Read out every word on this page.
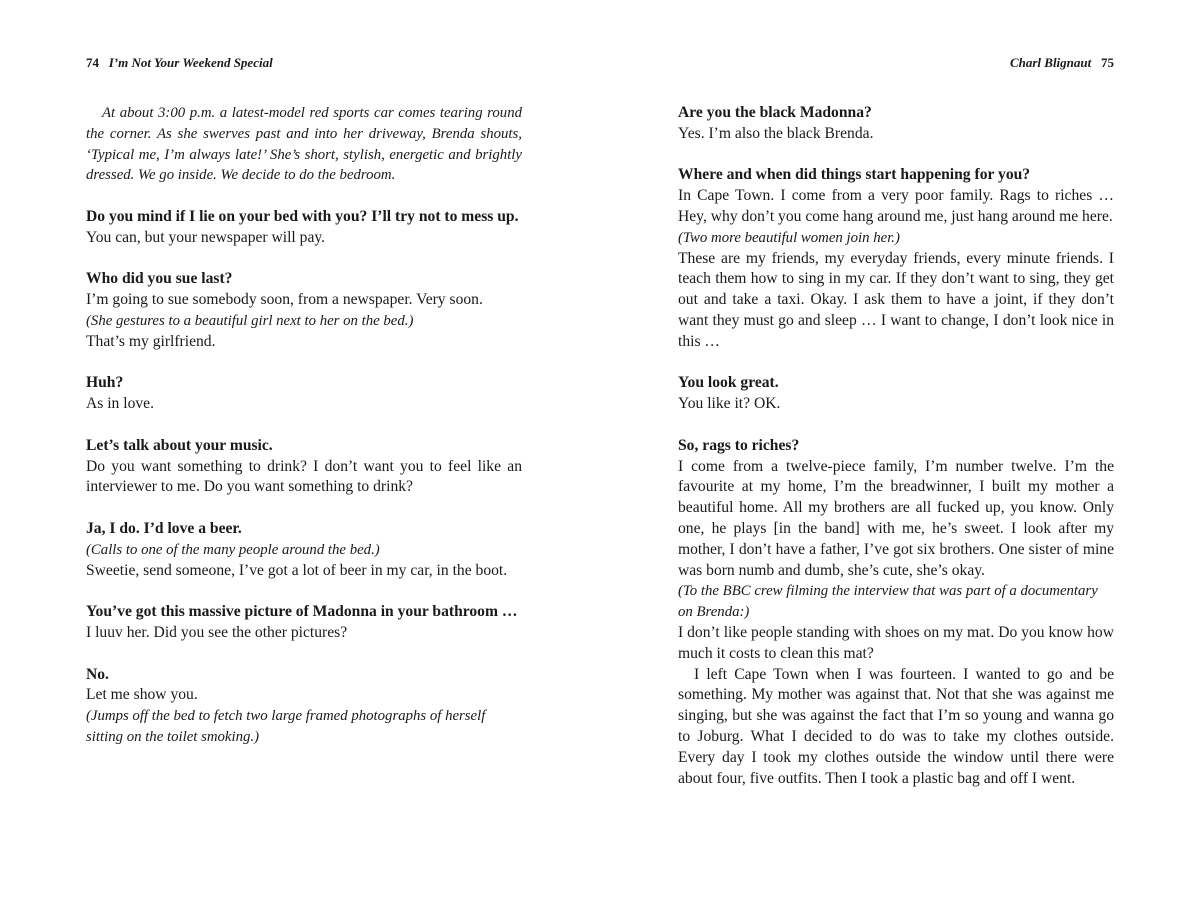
74 I’m Not Your Weekend Special

At about 3:00 p.m. a latest-model red sports car comes tearing round the corner. As she swerves past and into her driveway, Brenda shouts, ‘Typical me, I’m always late!’ She’s short, stylish, energetic and brightly dressed. We go inside. We decide to do the bedroom.

Do you mind if I lie on your bed with you? I’ll try not to mess up.

You can, but your newspaper will pay.

Who did you sue last?

I’m going to sue somebody soon, from a newspaper. Very soon.

(She gestures to a beautiful girl next to her on the bed.)

That’s my girlfriend.

Huh?

As in love.

Let’s talk about your music.

Do you want something to drink? I don’t want you to feel like an interviewer to me. Do you want something to drink?

Ja, I do. I’d love a beer.

(Calls to one of the many people around the bed.)

Sweetie, send someone, I’ve got a lot of beer in my car, in the boot.

You’ve got this massive picture of Madonna in your bathroom …

I luuv her. Did you see the other pictures?

No.

Let me show you.

(Jumps off the bed to fetch two large framed photographs of herself sitting on the toilet smoking.)

Charl Blignaut 75

Are you the black Madonna?

Yes. I’m also the black Brenda.

Where and when did things start happening for you?

In Cape Town. I come from a very poor family. Rags to riches … Hey, why don’t you come hang around me, just hang around me here.

(Two more beautiful women join her.)

These are my friends, my everyday friends, every minute friends. I teach them how to sing in my car. If they don’t want to sing, they get out and take a taxi. Okay. I ask them to have a joint, if they don’t want they must go and sleep … I want to change, I don’t look nice in this …

You look great.

You like it? OK.

So, rags to riches?

I come from a twelve-piece family, I’m number twelve. I’m the favourite at my home, I’m the breadwinner, I built my mother a beautiful home. All my brothers are all fucked up, you know. Only one, he plays [in the band] with me, he’s sweet. I look after my mother, I don’t have a father, I’ve got six brothers. One sister of mine was born numb and dumb, she’s cute, she’s okay.

(To the BBC crew filming the interview that was part of a documentary on Brenda:)

I don’t like people standing with shoes on my mat. Do you know how much it costs to clean this mat?

I left Cape Town when I was fourteen. I wanted to go and be something. My mother was against that. Not that she was against me singing, but she was against the fact that I’m so young and wanna go to Joburg. What I decided to do was to take my clothes outside. Every day I took my clothes outside the window until there were about four, five outfits. Then I took a plastic bag and off I went.
